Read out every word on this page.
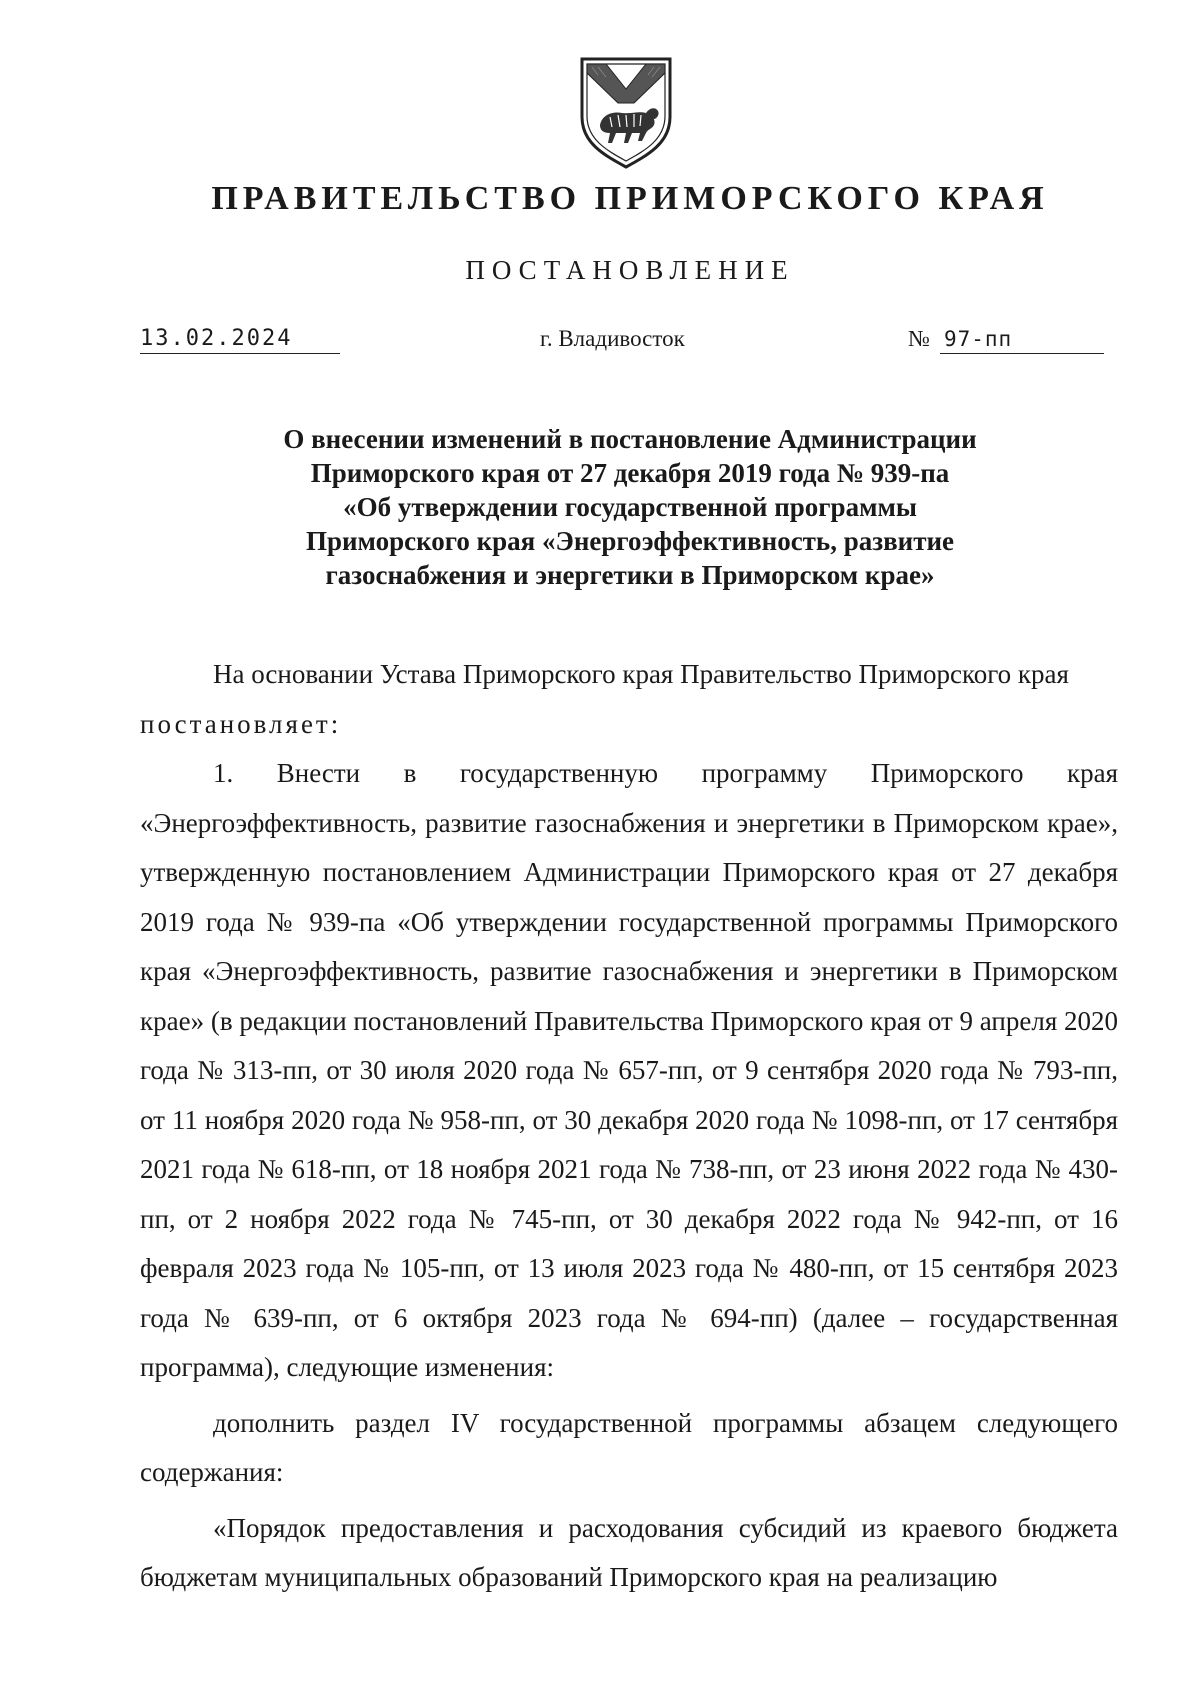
ПРАВИТЕЛЬСТВО ПРИМОРСКОГО КРАЯ
ПОСТАНОВЛЕНИЕ
13.02.2024	г. Владивосток	№ 97-пп
О внесении изменений в постановление Администрации
Приморского края от 27 декабря 2019 года № 939-па
«Об утверждении государственной программы
Приморского края «Энергоэффективность, развитие
газоснабжения и энергетики в Приморском крае»

На основании Устава Приморского края Правительство Приморского края

постановляет:

1. Внести в государственную программу Приморского края «Энергоэффективность, развитие газоснабжения и энергетики в Приморском крае», утвержденную постановлением Администрации Приморского края от 27 декабря 2019 года № 939-па «Об утверждении государственной программы Приморского края «Энергоэффективность, развитие газоснабжения и энергетики в Приморском крае» (в редакции постановлений Правительства Приморского края от 9 апреля 2020 года № 313-пп, от 30 июля 2020 года № 657-пп, от 9 сентября 2020 года № 793-пп, от 11 ноября 2020 года № 958-пп, от 30 декабря 2020 года № 1098-пп, от 17 сентября 2021 года № 618-пп, от 18 ноября 2021 года № 738-пп, от 23 июня 2022 года № 430-пп, от 2 ноября 2022 года № 745-пп, от 30 декабря 2022 года № 942-пп, от 16 февраля 2023 года № 105-пп, от 13 июля 2023 года № 480-пп, от 15 сентября 2023 года № 639-пп, от 6 октября 2023 года № 694-пп) (далее – государственная программа), следующие изменения:

дополнить раздел IV государственной программы абзацем следующего содержания:

«Порядок предоставления и расходования субсидий из краевого бюджета бюджетам муниципальных образований Приморского края на реализацию
